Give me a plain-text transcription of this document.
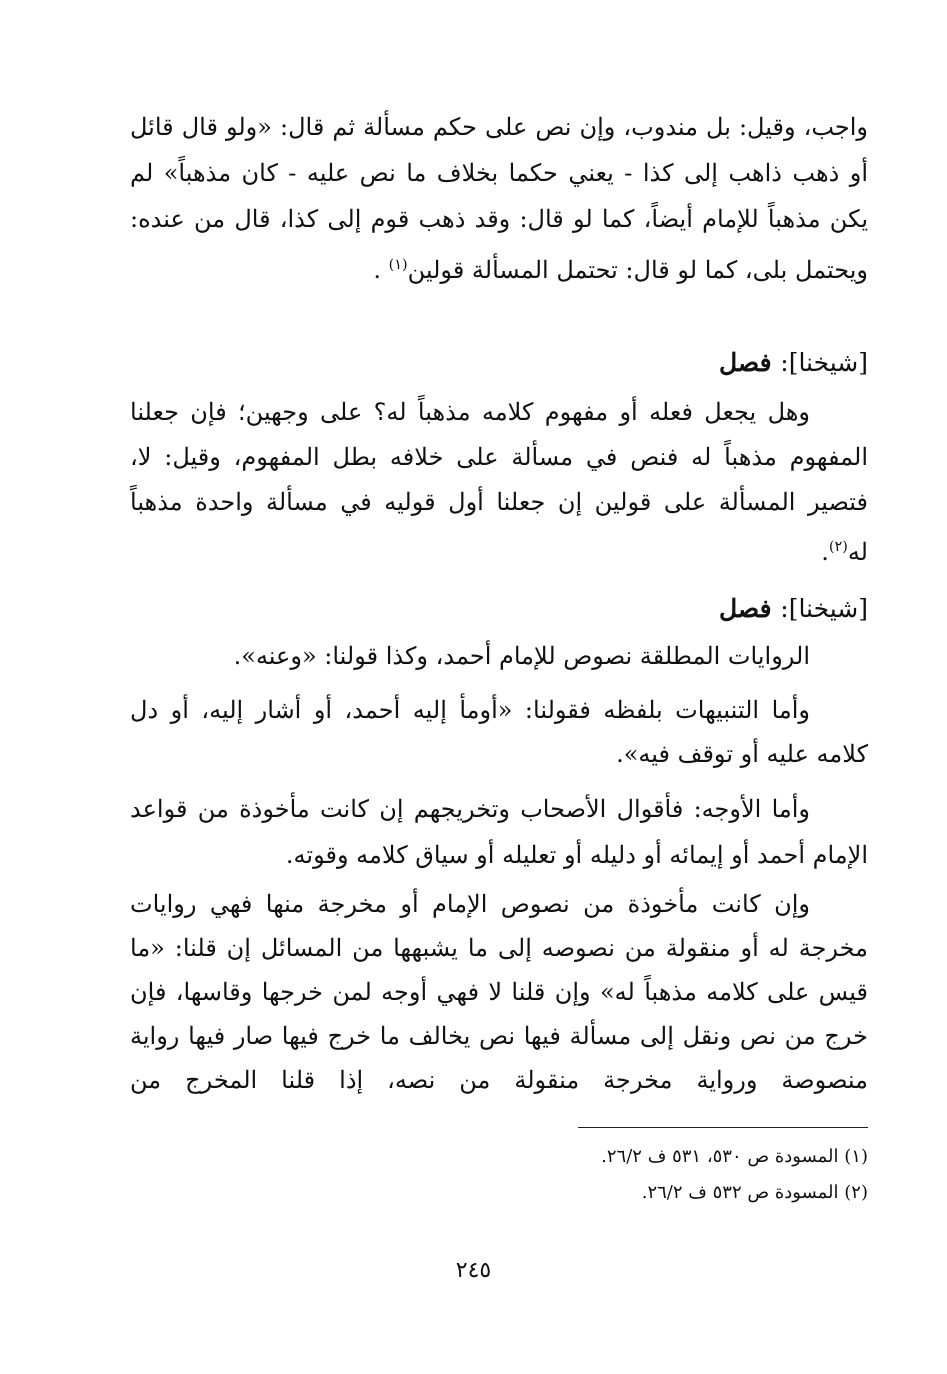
واجب، وقيل: بل مندوب، وإن نص على حكم مسألة ثم قال: «ولو قال قائل أو ذهب ذاهب إلى كذا - يعني حكما بخلاف ما نص عليه - كان مذهباً» لم يكن مذهباً للإمام أيضاً، كما لو قال: وقد ذهب قوم إلى كذا، قال من عنده: ويحتمل بلى، كما لو قال: تحتمل المسألة قولين$^{(١)}$ .

[شيخنا]: فصل

وهل يجعل فعله أو مفهوم كلامه مذهباً له؟ على وجهين؛ فإن جعلنا المفهوم مذهباً له فنص في مسألة على خلافه بطل المفهوم، وقيل: لا، فتصير المسألة على قولين إن جعلنا أول قوليه في مسألة واحدة مذهباً له$^{(٢)}$.

[شيخنا]: فصل

الروايات المطلقة نصوص للإمام أحمد، وكذا قولنا: «وعنه».

وأما التنبيهات بلفظه فقولنا: «أومأ إليه أحمد، أو أشار إليه، أو دل كلامه عليه أو توقف فيه».

وأما الأوجه: فأقوال الأصحاب وتخريجهم إن كانت مأخوذة من قواعد الإمام أحمد أو إيمائه أو دليله أو تعليله أو سياق كلامه وقوته.

وإن كانت مأخوذة من نصوص الإمام أو مخرجة منها فهي روايات مخرجة له أو منقولة من نصوصه إلى ما يشبهها من المسائل إن قلنا: «ما قيس على كلامه مذهباً له» وإن قلنا لا فهي أوجه لمن خرجها وقاسها، فإن خرج من نص ونقل إلى مسألة فيها نص يخالف ما خرج فيها صار فيها رواية منصوصة ورواية مخرجة منقولة من نصه، إذا قلنا المخرج من

(١) المسودة ص ٥٣٠، ٥٣١ ف ٢٦/٢.
(٢) المسودة ص ٥٣٢ ف ٢٦/٢.
٢٤٥
